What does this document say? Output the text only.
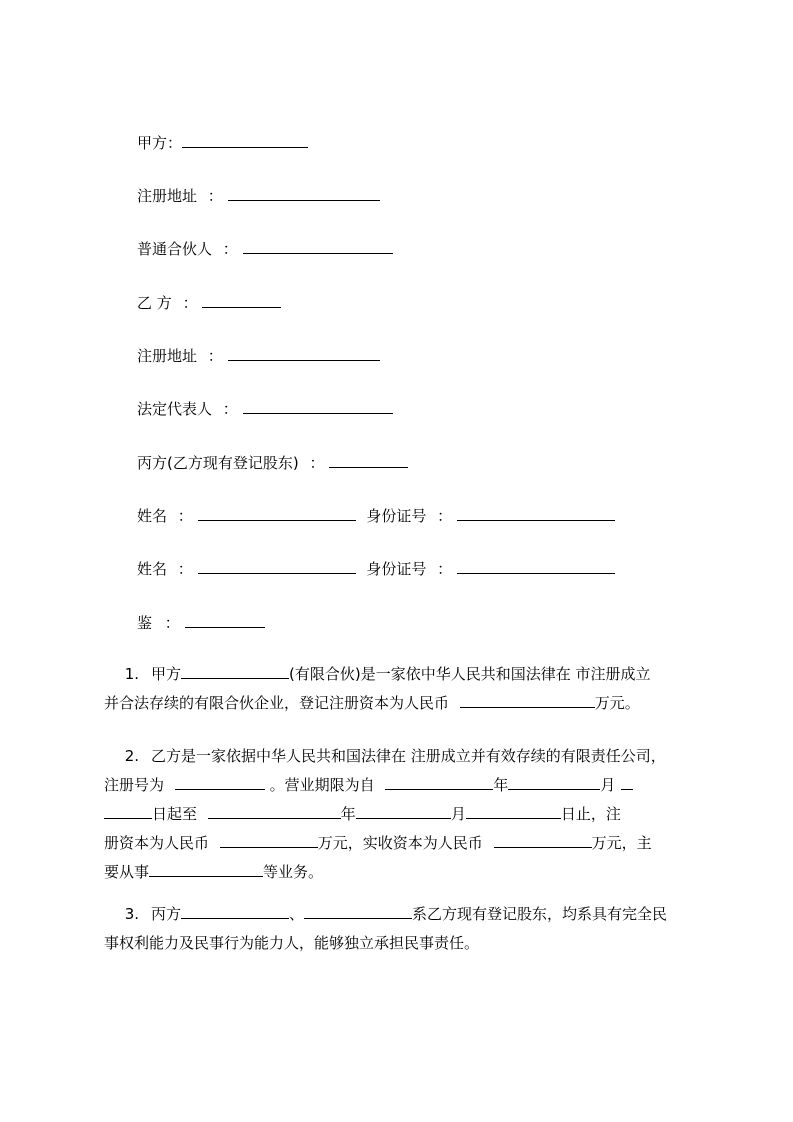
甲方：
注册地址 ：
普通合伙人 ：
乙 方 ：
注册地址 ：
法定代表人 ：
丙方(乙方现有登记股东) ：
姓名 ：	身份证号 ：
姓名 ：	身份证号 ：
鉴 ：
1. 甲方	(有限合伙)是一家依中华人民共和国法律在 市注册成立
并合法存续的有限合伙企业，登记注册资本为人民币	万元。
2. 乙方是一家依据中华人民共和国法律在 注册成立并有效存续的有限责任公司，
注册号为	。营业期限为自	年	月
日起至	年	月	日止，注
册资本为人民币	万元，实收资本为人民币	万元，主
要从事	等业务。
3. 丙方	、	系乙方现有登记股东，均系具有完全民
事权利能力及民事行为能力人，能够独立承担民事责任。
